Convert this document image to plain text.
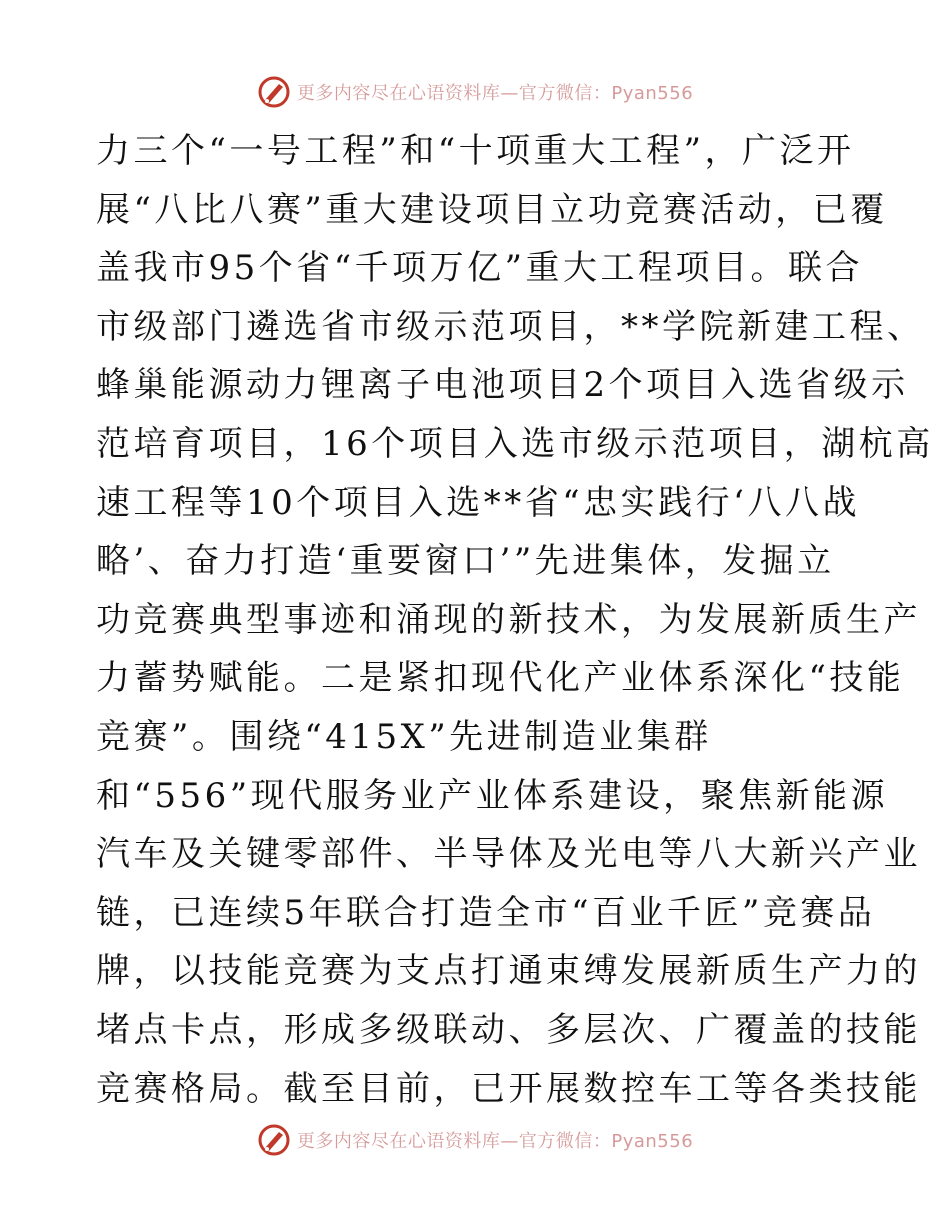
更多内容尽在心语资料库—官方微信：Pyan556
力三个“一号工程”和“十项重大工程”，广泛开
展“八比八赛”重大建设项目立功竞赛活动，已覆
盖我市95个省“千项万亿”重大工程项目。联合
市级部门遴选省市级示范项目，**学院新建工程、
蜂巢能源动力锂离子电池项目2个项目入选省级示
范培育项目，16个项目入选市级示范项目，湖杭高
速工程等10个项目入选**省“忠实践行‘八八战
略’、奋力打造‘重要窗口’”先进集体，发掘立
功竞赛典型事迹和涌现的新技术，为发展新质生产
力蓄势赋能。二是紧扣现代化产业体系深化“技能
竞赛”。围绕“415X”先进制造业集群
和“556”现代服务业产业体系建设，聚焦新能源
汽车及关键零部件、半导体及光电等八大新兴产业
链，已连续5年联合打造全市“百业千匠”竞赛品
牌，以技能竞赛为支点打通束缚发展新质生产力的
堵点卡点，形成多级联动、多层次、广覆盖的技能
竞赛格局。截至目前，已开展数控车工等各类技能
更多内容尽在心语资料库—官方微信：Pyan556
